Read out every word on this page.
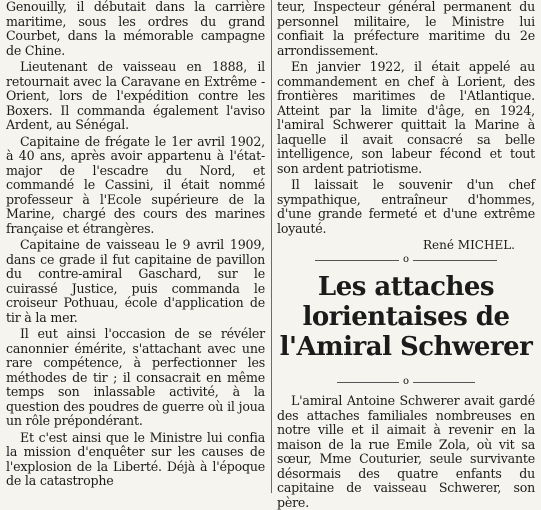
Genouilly, il débutait dans la carrière maritime, sous les ordres du grand Courbet, dans la mémorable campagne de Chine.

Lieutenant de vaisseau en 1888, il retournait avec la Caravane en Extrême - Orient, lors de l'expédition contre les Boxers. Il commanda également l'aviso Ardent, au Sénégal.

Capitaine de frégate le 1er avril 1902, à 40 ans, après avoir appartenu à l'état-major de l'escadre du Nord, et commandé le Cassini, il était nommé professeur à l'Ecole supérieure de la Marine, chargé des cours des marines française et étrangères.

Capitaine de vaisseau le 9 avril 1909, dans ce grade il fut capitaine de pavillon du contre-amiral Gaschard, sur le cuirassé Justice, puis commanda le croiseur Pothuau, école d'application de tir à la mer.

Il eut ainsi l'occasion de se révéler canonnier émérite, s'attachant avec une rare compétence, à perfectionner les méthodes de tir ; il consacrait en même temps son inlassable activité, à la question des poudres de guerre où il joua un rôle prépondérant.

Et c'est ainsi que le Ministre lui confia la mission d'enquêter sur les causes de l'explosion de la Liberté. Déjà à l'époque de la catastrophe

teur, Inspecteur général permanent du personnel militaire, le Ministre lui confiait la préfecture maritime du 2e arrondissement.

En janvier 1922, il était appelé au commandement en chef à Lorient, des frontières maritimes de l'Atlantique. Atteint par la limite d'âge, en 1924, l'amiral Schwerer quittait la Marine à laquelle il avait consacré sa belle intelligence, son labeur fécond et tout son ardent patriotisme.

Il laissait le souvenir d'un chef sympathique, entraîneur d'hommes, d'une grande fermeté et d'une extrême loyauté.

René MICHEL.
o
Les attaches lorientaises de l'Amiral Schwerer
o

L'amiral Antoine Schwerer avait gardé des attaches familiales nombreuses en notre ville et il aimait à revenir en la maison de la rue Emile Zola, où vit sa sœur, Mme Couturier, seule survivante désormais des quatre enfants du capitaine de vaisseau Schwerer, son père.
